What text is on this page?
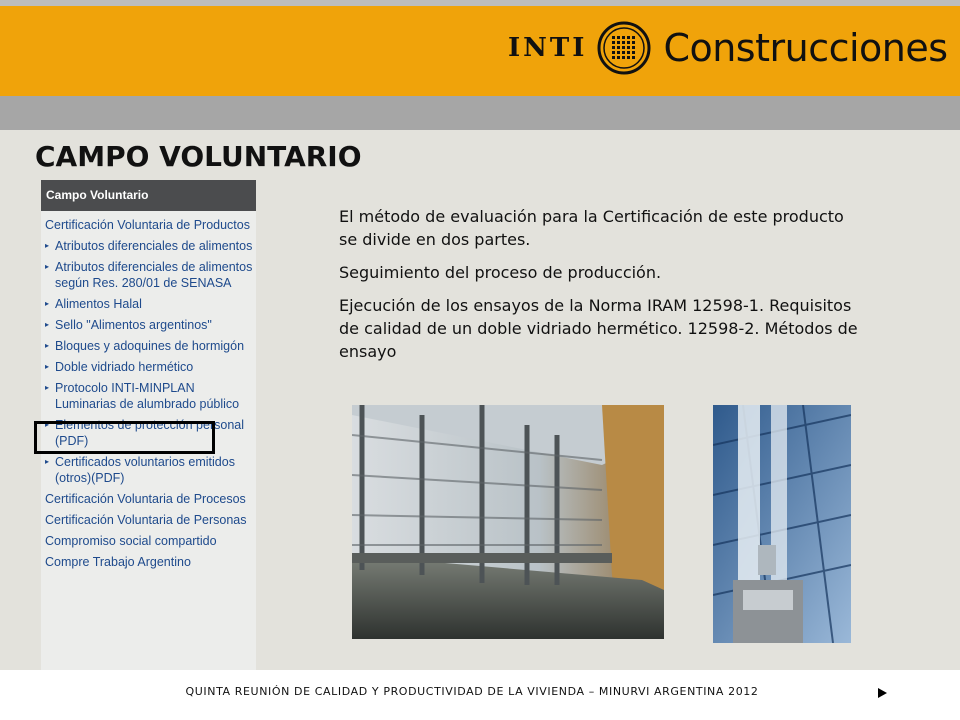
INTI Construcciones
CAMPO VOLUNTARIO
Campo Voluntario
Certificación Voluntaria de Productos
▸ Atributos diferenciales de alimentos
▸ Atributos diferenciales de alimentos según Res. 280/01 de SENASA
▸ Alimentos Halal
▸ Sello "Alimentos argentinos"
▸ Bloques y adoquines de hormigón
▸ Doble vidriado hermético
▸ Protocolo INTI-MINPLAN Luminarias de alumbrado público
▸ Elementos de protección personal (PDF)
▸ Certificados voluntarios emitidos (otros)(PDF)
Certificación Voluntaria de Procesos
Certificación Voluntaria de Personas
Compromiso social compartido
Compre Trabajo Argentino

El método de evaluación para la Certificación de este producto se divide en dos partes.

Seguimiento del proceso de producción.

Ejecución de los ensayos de la Norma IRAM 12598-1. Requisitos de calidad de un doble vidriado hermético. 12598-2. Métodos de ensayo

QUINTA REUNIÓN DE CALIDAD Y PRODUCTIVIDAD DE LA VIVIENDA – MINURVI ARGENTINA 2012
